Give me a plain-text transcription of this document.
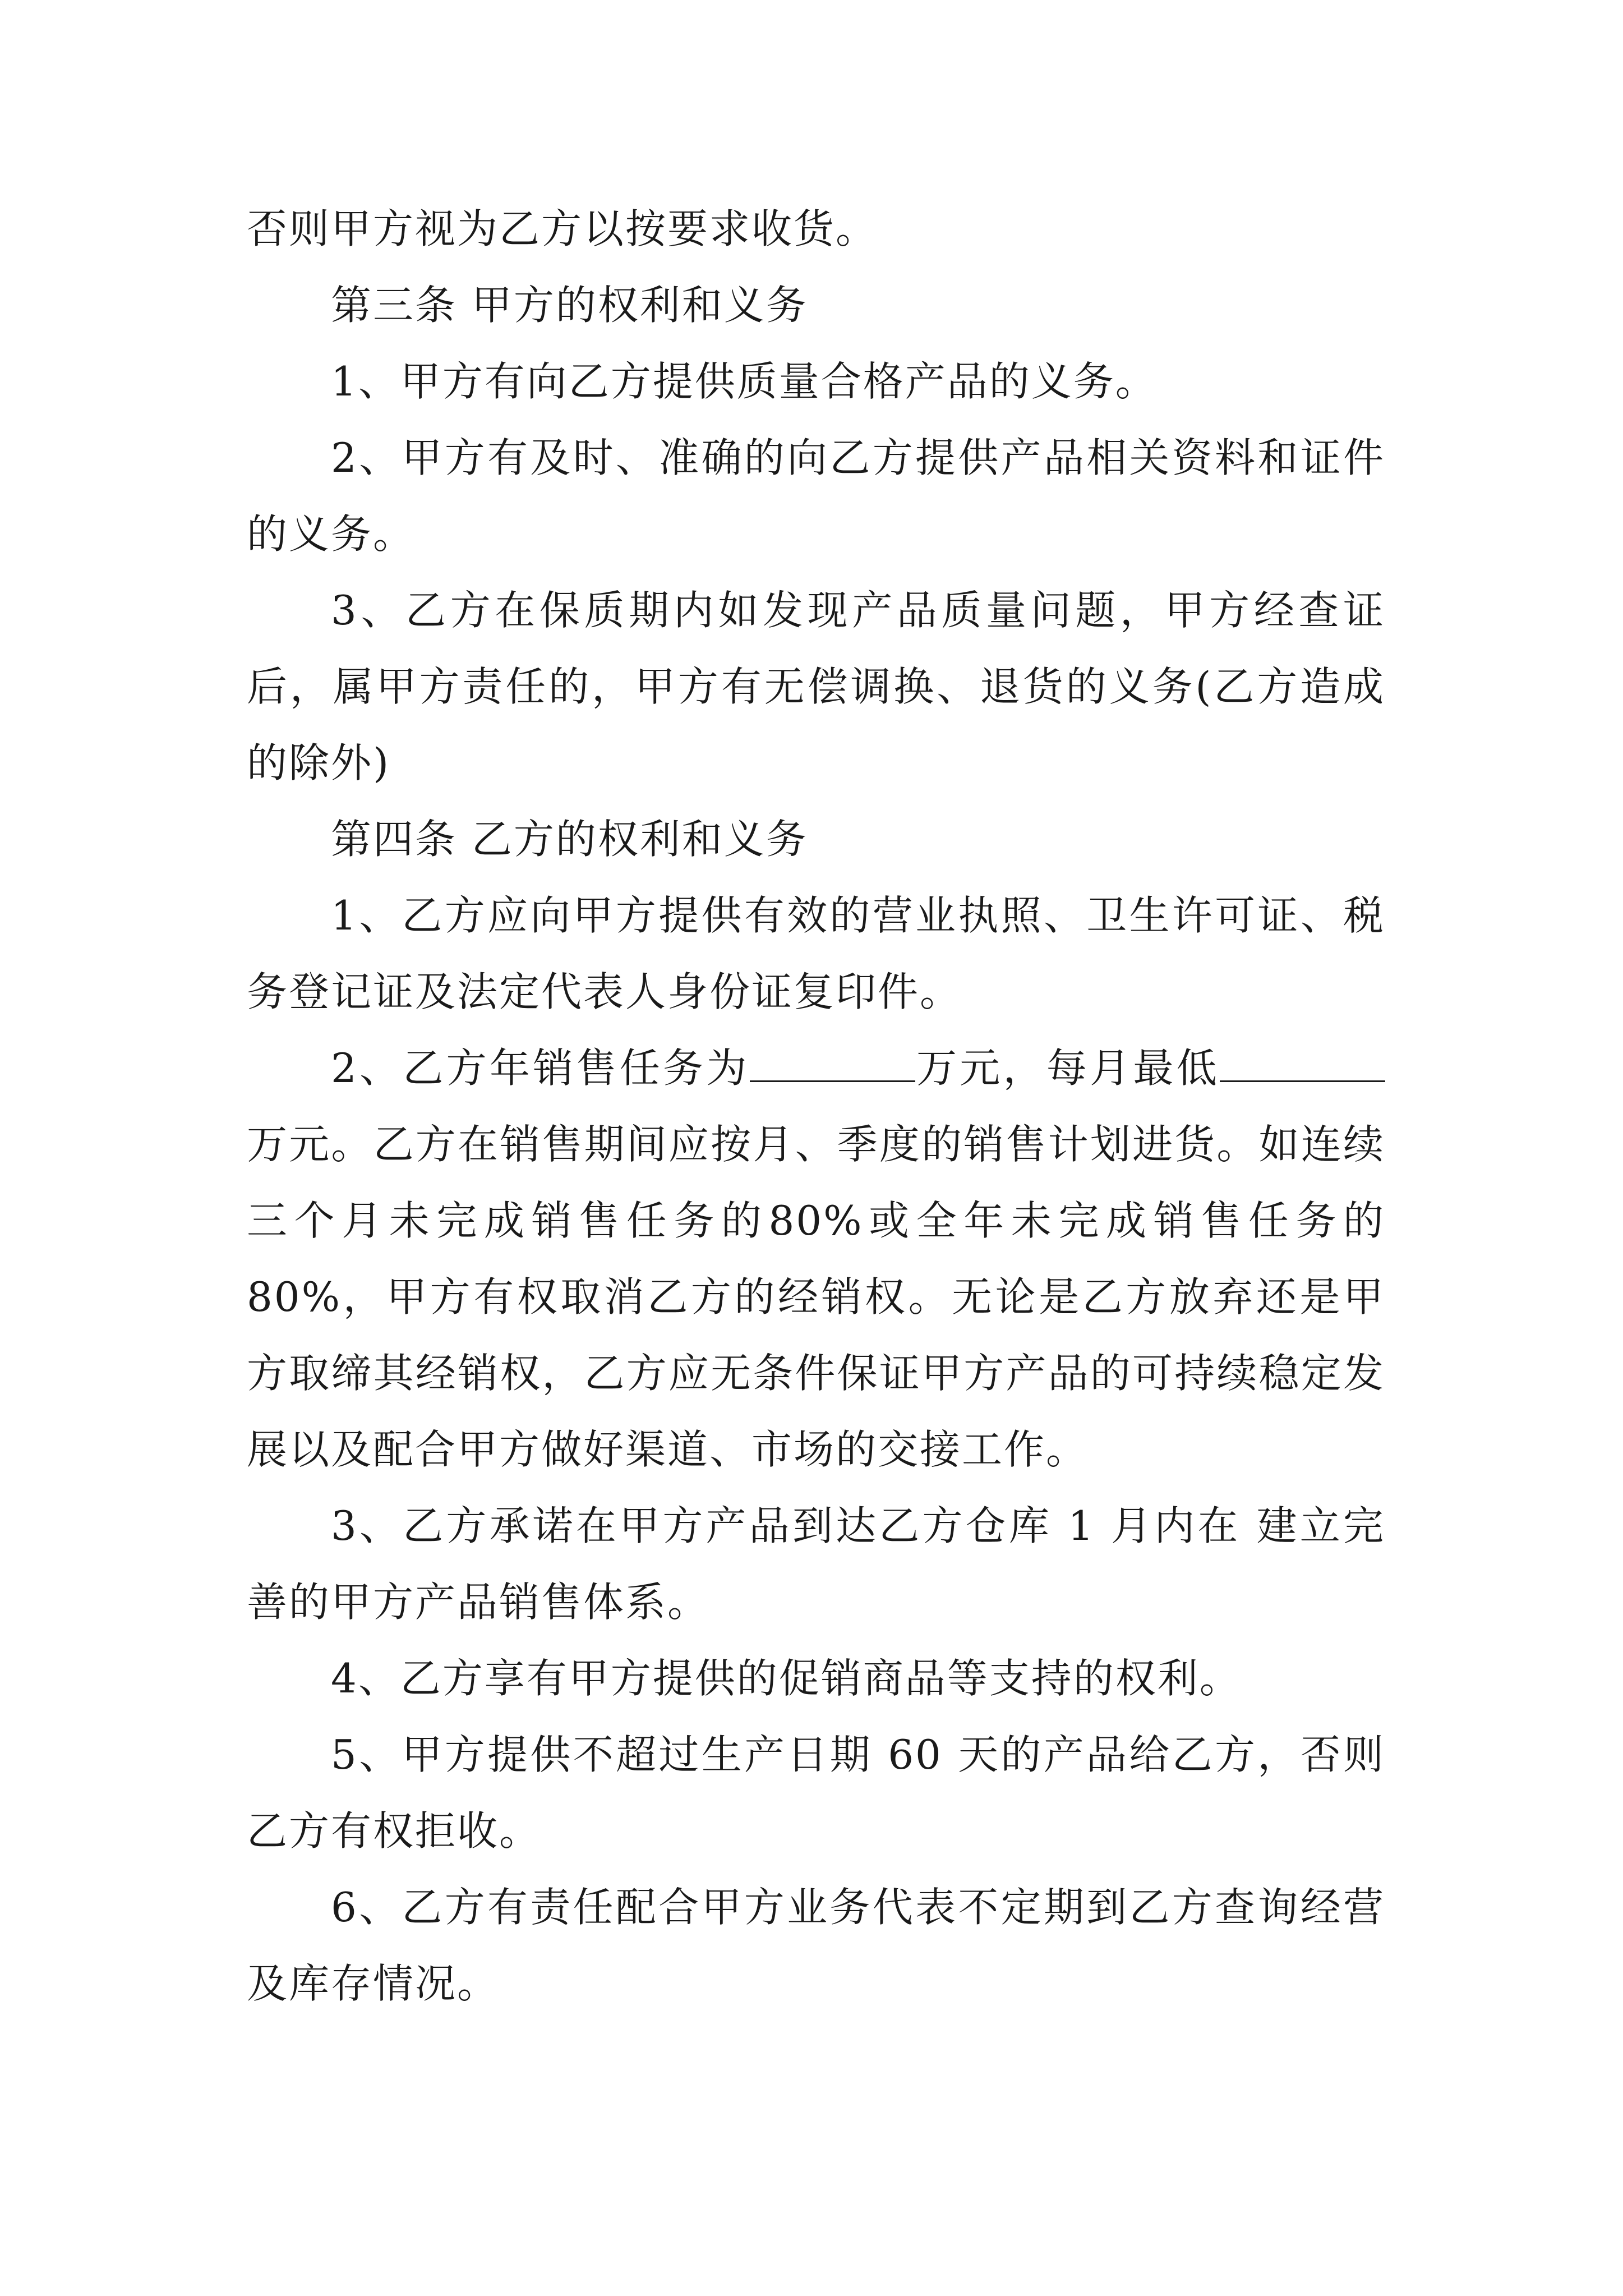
否则甲方视为乙方以按要求收货。

第三条 甲方的权利和义务

1、甲方有向乙方提供质量合格产品的义务。

2、甲方有及时、准确的向乙方提供产品相关资料和证件的义务。

3、乙方在保质期内如发现产品质量问题，甲方经查证后，属甲方责任的，甲方有无偿调换、退货的义务(乙方造成的除外)

第四条 乙方的权利和义务

1、乙方应向甲方提供有效的营业执照、卫生许可证、税务登记证及法定代表人身份证复印件。

2、乙方年销售任务为	万元，每月最低万元。乙方在销售期间应按月、季度的销售计划进货。如连续三个月未完成销售任务的80%或全年未完成销售任务的80%，甲方有权取消乙方的经销权。无论是乙方放弃还是甲方取缔其经销权，乙方应无条件保证甲方产品的可持续稳定发展以及配合甲方做好渠道、市场的交接工作。

3、乙方承诺在甲方产品到达乙方仓库 1 月内在 建立完善的甲方产品销售体系。

4、乙方享有甲方提供的促销商品等支持的权利。

5、甲方提供不超过生产日期 60 天的产品给乙方，否则乙方有权拒收。

6、乙方有责任配合甲方业务代表不定期到乙方查询经营及库存情况。
